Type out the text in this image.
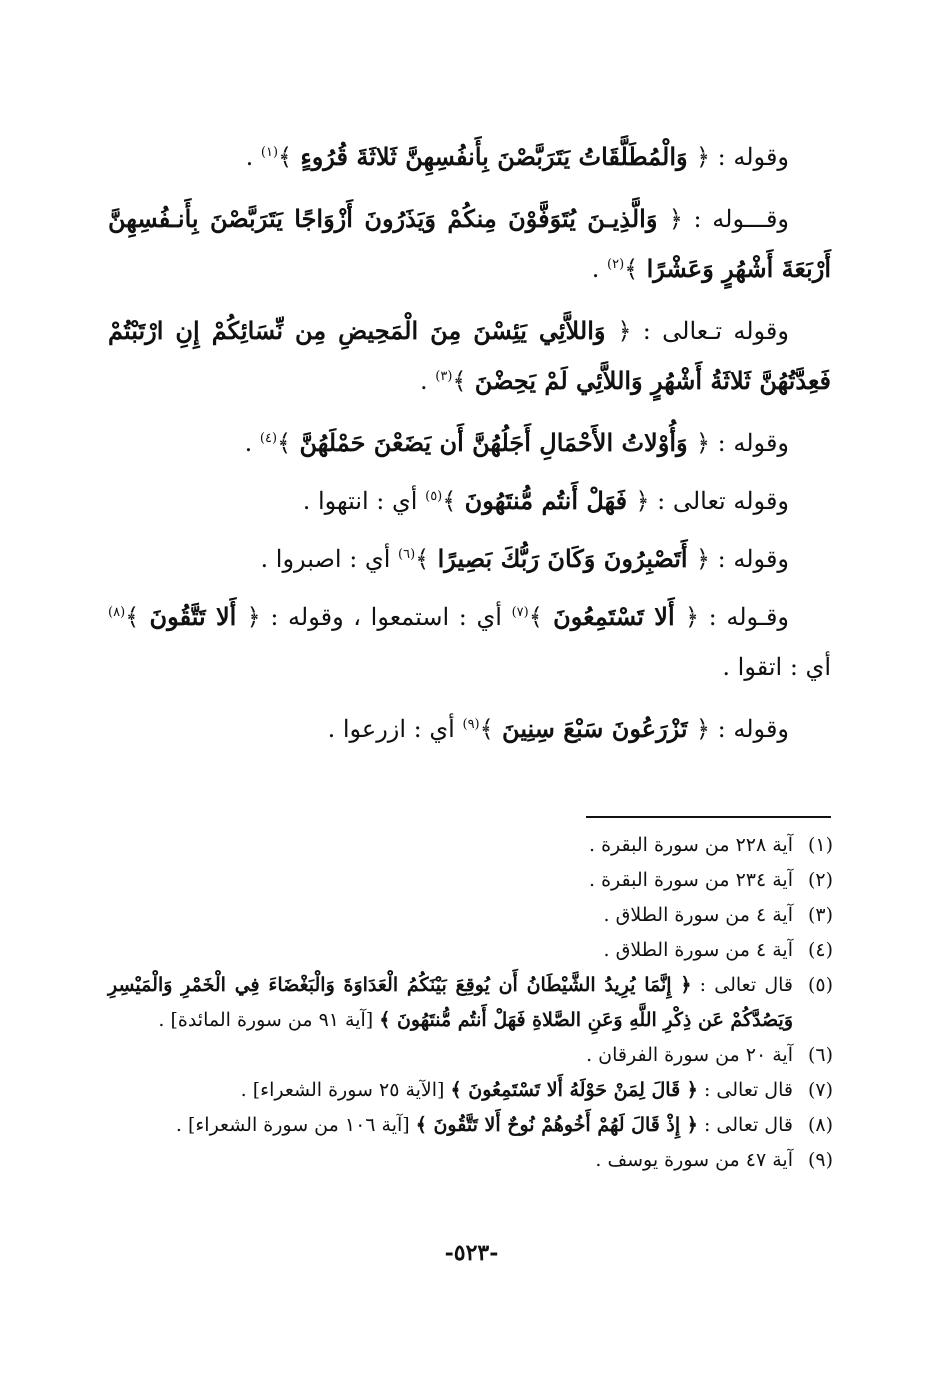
وقوله : ﴿ وَالْمُطَلَّقَاتُ يَتَرَبَّصْنَ بِأَنفُسِهِنَّ ثَلاثَةَ قُرُوءٍ ﴾$^{(١)}$ .

وقـــوله : ﴿ وَالَّذِيـنَ يُتَوَفَّوْنَ مِنكُمْ وَيَذَرُونَ أَزْوَاجًا يَتَرَبَّصْنَ بِأَنـفُسِهِنَّ أَرْبَعَةَ أَشْهُرٍ وَعَشْرًا ﴾$^{(٢)}$ .

وقوله تـعالى : ﴿ وَاللاَّئِي يَئِسْنَ مِنَ الْمَحِيضِ مِن نِّسَائِكُمْ إِنِ ارْتَبْتُمْ فَعِدَّتُهُنَّ ثَلاثَةُ أَشْهُرٍ وَاللاَّئِي لَمْ يَحِضْنَ ﴾$^{(٣)}$ .

وقوله : ﴿ وَأُوْلاتُ الأَحْمَالِ أَجَلُهُنَّ أَن يَضَعْنَ حَمْلَهُنَّ ﴾$^{(٤)}$ .

وقوله تعالى : ﴿ فَهَلْ أَنتُم مُّنتَهُونَ ﴾$^{(٥)}$ أي : انتهوا .

وقوله : ﴿ أَتَصْبِرُونَ وَكَانَ رَبُّكَ بَصِيرًا ﴾$^{(٦)}$ أي : اصبروا .

وقـوله : ﴿ أَلا تَسْتَمِعُونَ ﴾$^{(٧)}$ أي : استمعوا ، وقوله : ﴿ أَلا تَتَّقُونَ ﴾$^{(٨)}$ أي : اتقوا .

وقوله : ﴿ تَزْرَعُونَ سَبْعَ سِنِينَ ﴾$^{(٩)}$ أي : ازرعوا .

(١)
آية ٢٢٨ من سورة البقرة .
(٢)
آية ٢٣٤ من سورة البقرة .
(٣)
آية ٤ من سورة الطلاق .
(٤)
آية ٤ من سورة الطلاق .
(٥)
قال تعالى : ﴿ إِنَّمَا يُرِيدُ الشَّيْطَانُ أَن يُوقِعَ بَيْنَكُمُ الْعَدَاوَةَ وَالْبَغْضَاءَ فِي الْخَمْرِ وَالْمَيْسِرِ وَيَصُدَّكُمْ عَن ذِكْرِ اللَّهِ وَعَنِ الصَّلاةِ فَهَلْ أَنتُم مُّنتَهُونَ ﴾ [آية ٩١ من سورة المائدة] .
(٦)
آية ٢٠ من سورة الفرقان .
(٧)
قال تعالى : ﴿ قَالَ لِمَنْ حَوْلَهُ أَلا تَسْتَمِعُونَ ﴾ [الآية ٢٥ سورة الشعراء] .
(٨)
قال تعالى : ﴿ إِذْ قَالَ لَهُمْ أَخُوهُمْ نُوحٌ أَلا تَتَّقُونَ ﴾ [آية ١٠٦ من سورة الشعراء] .
(٩)
آية ٤٧ من سورة يوسف .
-٥٢٣-
